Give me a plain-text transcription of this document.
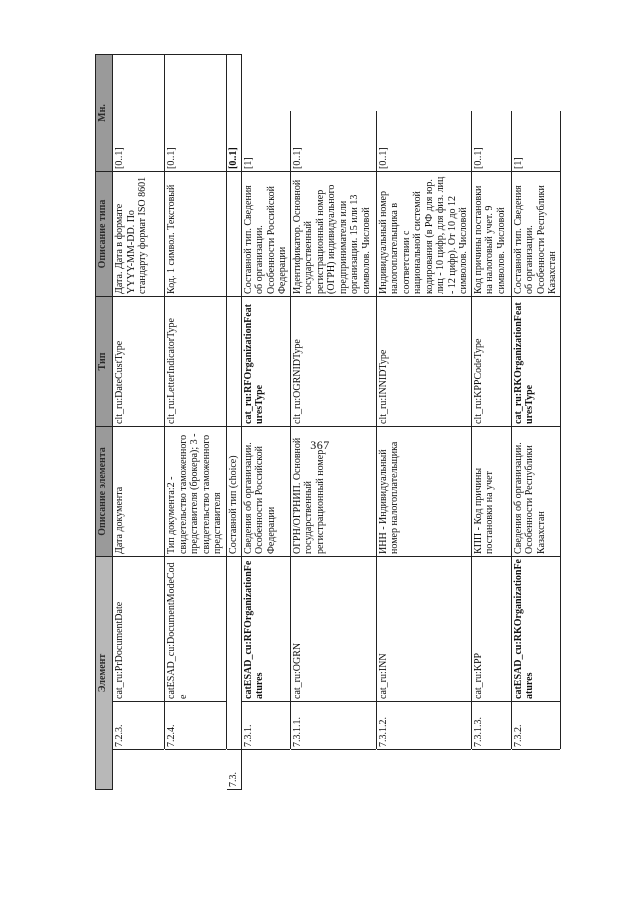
367
Элемент			Описание элемента	Тип	Описание типа	Мн.	
	7.2.3.	cat_ru:PrDocumentDate	Дата документа	clt_ru:DateCustType	Дата. Дата в формате YYYY-MM-DD. По стандарту формат ISO 8601	[0..1]	
	7.2.4.	catESAD_cu:DocumentModeCode	Тип документа:2 - свидетельство таможенного представителя (брокера); 3 - свидетельство таможенного представителя	clt_ru:LetterIndicatorType	Код. 1 символ. Текстовый	[0..1]	
7.3.			Составной тип (choice)			[0..1]	
	7.3.1.	catESAD_cu:RFOrganizationFeatures	Сведения об организации. Особенности Российской Федерации	cat_ru:RFOrganizationFeaturesType	Составной тип. Сведения об организации. Особенности Российской Федерации	[1]	
	7.3.1.1.	cat_ru:OGRN	ОГРН/ОГРНИП. Основной государственный регистрационный номер	clt_ru:OGRNIDType	Идентификатор. Основной государственный регистрационный номер (ОГРН) индивидуального предпринимателя или организации. 15 или 13 символов. Числовой	[0..1]	
	7.3.1.2.	cat_ru:INN	ИНН - Индивидуальный номер налогоплательщика	clt_ru:INNIDType	Индивидуальный номер налогоплательщика в соответствии с национальной системой кодирования (в РФ для юр. лиц - 10 цифр, для физ. лиц - 12 цифр). От 10 до 12 символов. Числовой	[0..1]	
	7.3.1.3.	cat_ru:KPP	КПП - Код причины постановки на учет	clt_ru:KPPCodeType	Код причины постановки на налоговый учет. 9 символов. Числовой	[0..1]	
	7.3.2.	catESAD_cu:RKOrganizationFeatures	Сведения об организации. Особенности Республики Казахстан	cat_ru:RKOrganizationFeaturesType	Составной тип. Сведения об организации. Особенности Республики Казахстан	[1]	
